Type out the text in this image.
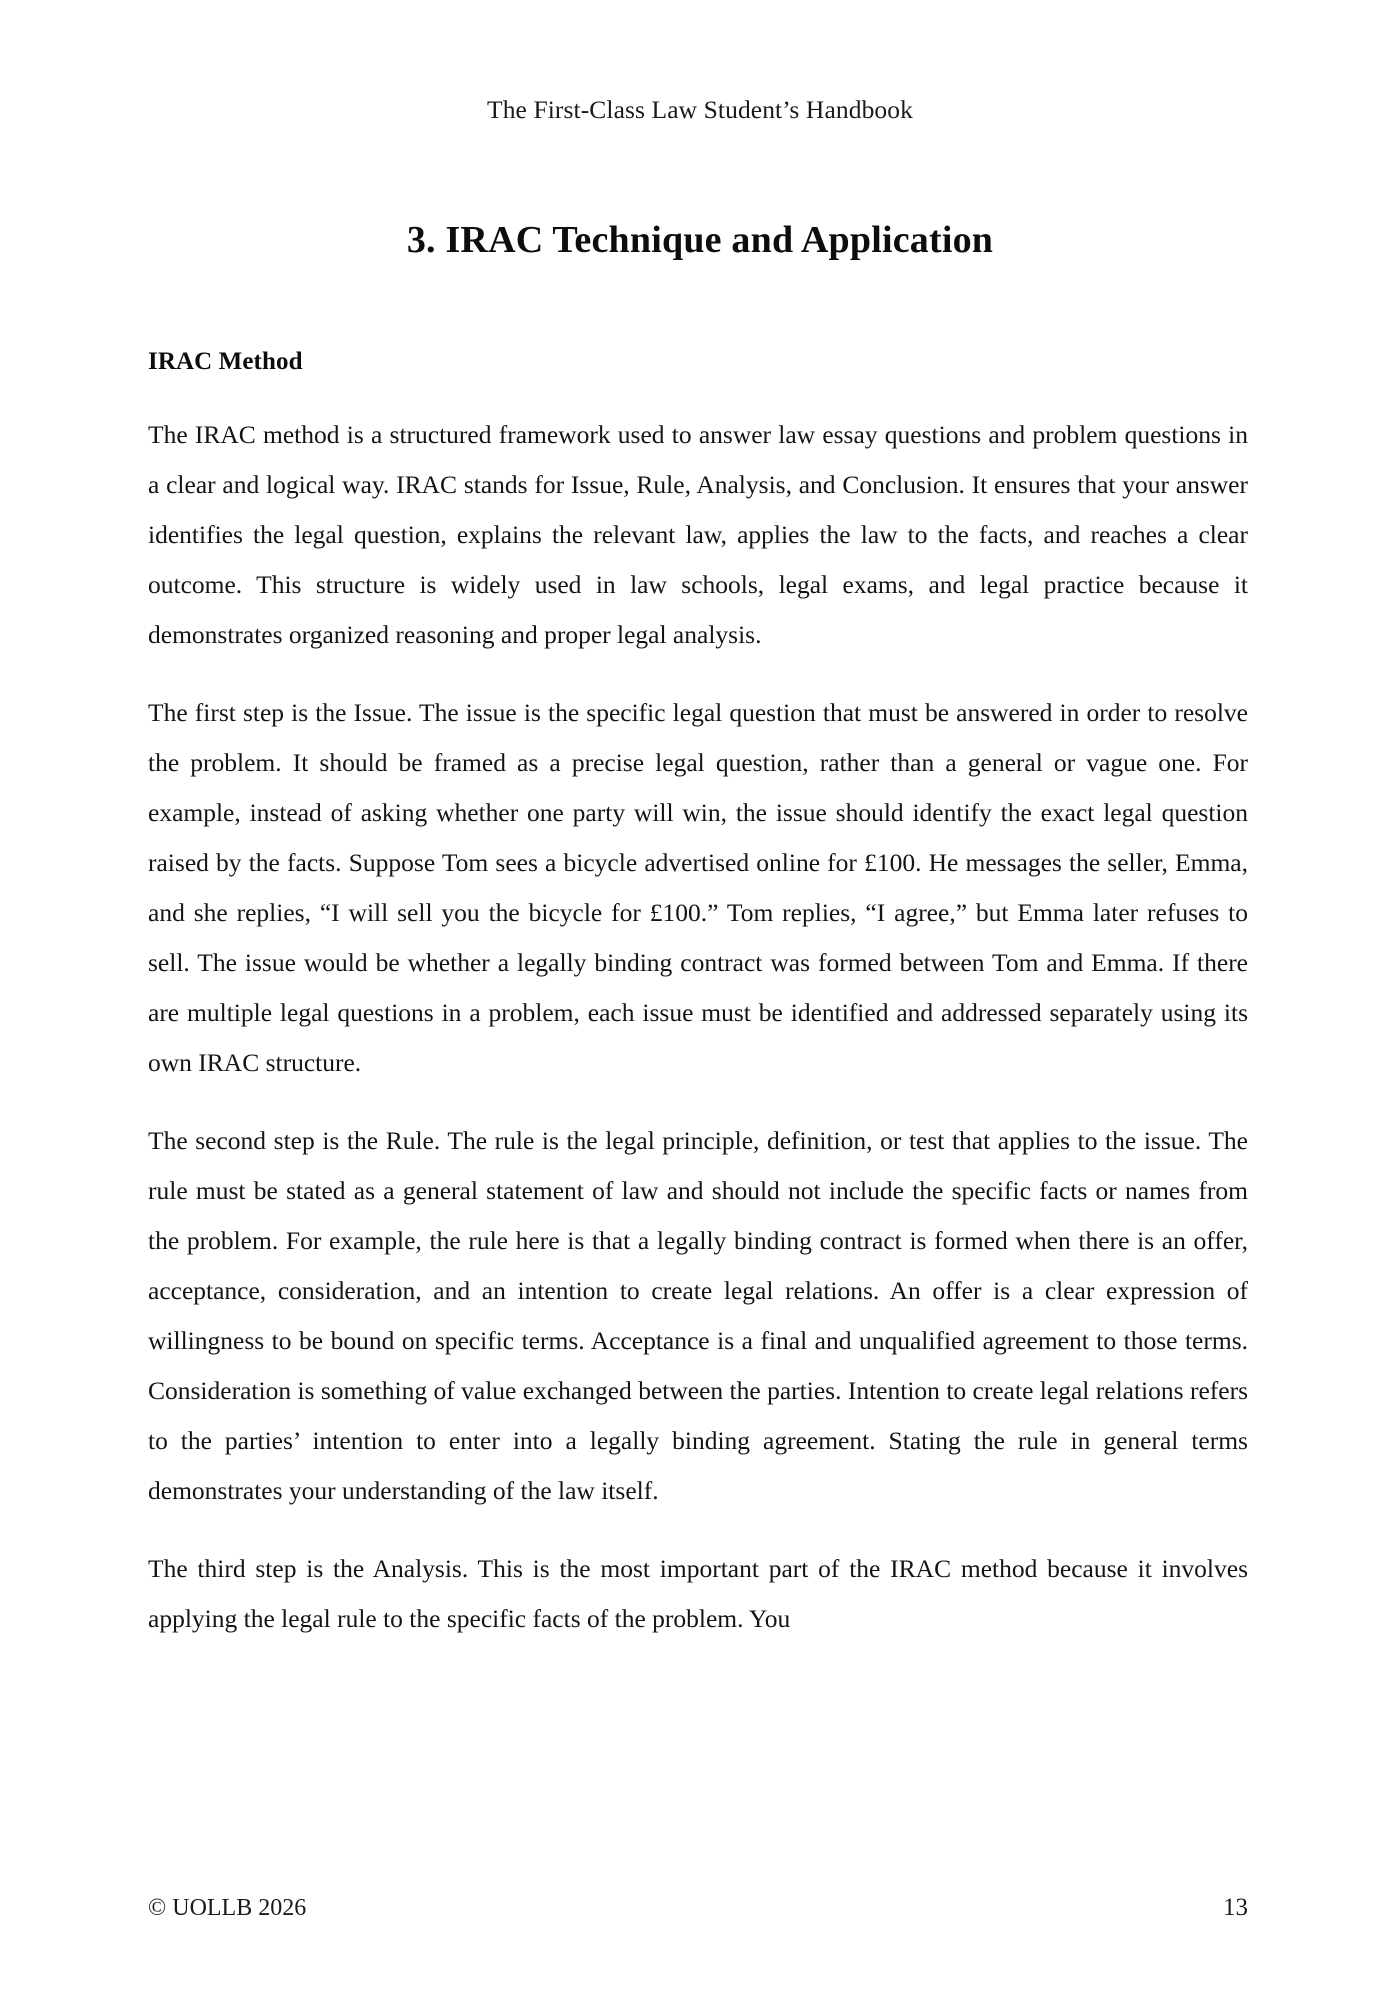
The First-Class Law Student’s Handbook
3. IRAC Technique and Application
IRAC Method

The IRAC method is a structured framework used to answer law essay questions and problem questions in a clear and logical way. IRAC stands for Issue, Rule, Analysis, and Conclusion. It ensures that your answer identifies the legal question, explains the relevant law, applies the law to the facts, and reaches a clear outcome. This structure is widely used in law schools, legal exams, and legal practice because it demonstrates organized reasoning and proper legal analysis.

The first step is the Issue. The issue is the specific legal question that must be answered in order to resolve the problem. It should be framed as a precise legal question, rather than a general or vague one. For example, instead of asking whether one party will win, the issue should identify the exact legal question raised by the facts. Suppose Tom sees a bicycle advertised online for £100. He messages the seller, Emma, and she replies, “I will sell you the bicycle for £100.” Tom replies, “I agree,” but Emma later refuses to sell. The issue would be whether a legally binding contract was formed between Tom and Emma. If there are multiple legal questions in a problem, each issue must be identified and addressed separately using its own IRAC structure.

The second step is the Rule. The rule is the legal principle, definition, or test that applies to the issue. The rule must be stated as a general statement of law and should not include the specific facts or names from the problem. For example, the rule here is that a legally binding contract is formed when there is an offer, acceptance, consideration, and an intention to create legal relations. An offer is a clear expression of willingness to be bound on specific terms. Acceptance is a final and unqualified agreement to those terms. Consideration is something of value exchanged between the parties. Intention to create legal relations refers to the parties’ intention to enter into a legally binding agreement. Stating the rule in general terms demonstrates your understanding of the law itself.

The third step is the Analysis. This is the most important part of the IRAC method because it involves applying the legal rule to the specific facts of the problem. You

© UOLLB 2026	13
